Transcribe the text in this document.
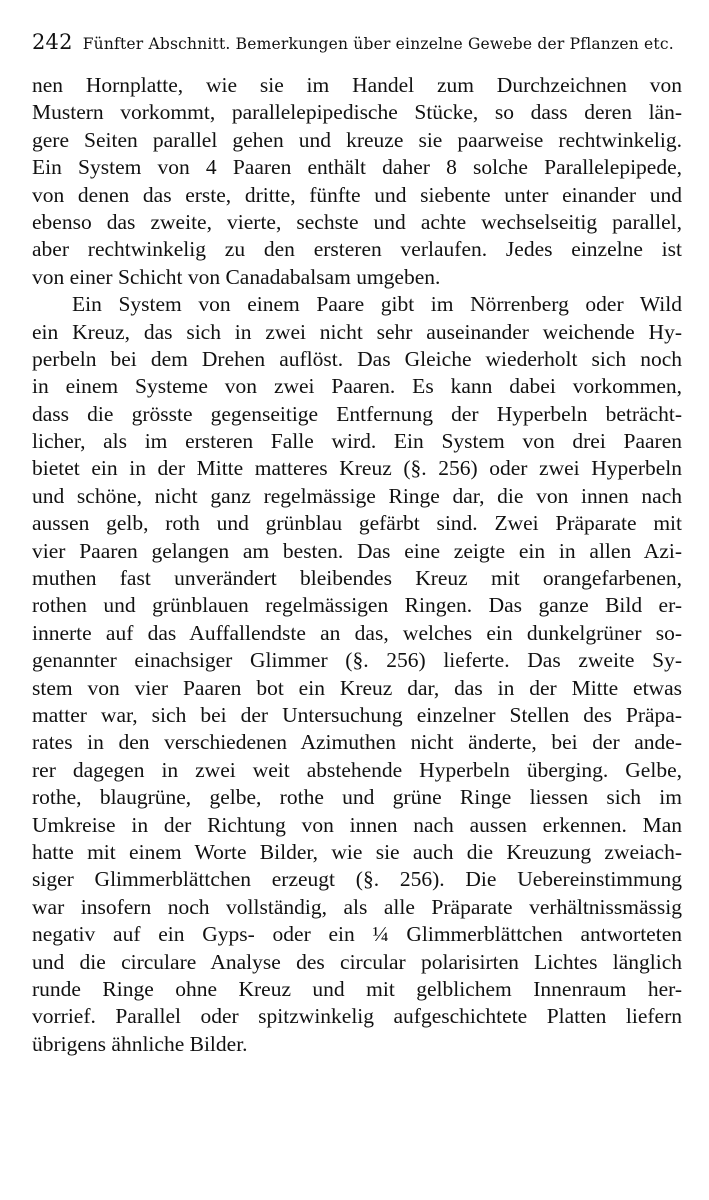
242 Fünfter Abschnitt. Bemerkungen über einzelne Gewebe der Pflanzen etc.
nen Hornplatte, wie sie im Handel zum Durchzeichnen von
Mustern vorkommt, parallelepipedische Stücke, so dass deren län-
gere Seiten parallel gehen und kreuze sie paarweise rechtwinkelig.
Ein System von 4 Paaren enthält daher 8 solche Parallelepipede,
von denen das erste, dritte, fünfte und siebente unter einander und
ebenso das zweite, vierte, sechste und achte wechselseitig parallel,
aber rechtwinkelig zu den ersteren verlaufen. Jedes einzelne ist
von einer Schicht von Canadabalsam umgeben.
Ein System von einem Paare gibt im Nörrenberg oder Wild
ein Kreuz, das sich in zwei nicht sehr auseinander weichende Hy-
perbeln bei dem Drehen auflöst. Das Gleiche wiederholt sich noch
in einem Systeme von zwei Paaren. Es kann dabei vorkommen,
dass die grösste gegenseitige Entfernung der Hyperbeln beträcht-
licher, als im ersteren Falle wird. Ein System von drei Paaren
bietet ein in der Mitte matteres Kreuz (§. 256) oder zwei Hyperbeln
und schöne, nicht ganz regelmässige Ringe dar, die von innen nach
aussen gelb, roth und grünblau gefärbt sind. Zwei Präparate mit
vier Paaren gelangen am besten. Das eine zeigte ein in allen Azi-
muthen fast unverändert bleibendes Kreuz mit orangefarbenen,
rothen und grünblauen regelmässigen Ringen. Das ganze Bild er-
innerte auf das Auffallendste an das, welches ein dunkelgrüner so-
genannter einachsiger Glimmer (§. 256) lieferte. Das zweite Sy-
stem von vier Paaren bot ein Kreuz dar, das in der Mitte etwas
matter war, sich bei der Untersuchung einzelner Stellen des Präpa-
rates in den verschiedenen Azimuthen nicht änderte, bei der ande-
rer dagegen in zwei weit abstehende Hyperbeln überging. Gelbe,
rothe, blaugrüne, gelbe, rothe und grüne Ringe liessen sich im
Umkreise in der Richtung von innen nach aussen erkennen. Man
hatte mit einem Worte Bilder, wie sie auch die Kreuzung zweiach-
siger Glimmerblättchen erzeugt (§. 256). Die Uebereinstimmung
war insofern noch vollständig, als alle Präparate verhältnissmässig
negativ auf ein Gyps- oder ein ¼ Glimmerblättchen antworteten
und die circulare Analyse des circular polarisirten Lichtes länglich
runde Ringe ohne Kreuz und mit gelblichem Innenraum her-
vorrief. Parallel oder spitzwinkelig aufgeschichtete Platten liefern
übrigens ähnliche Bilder.
